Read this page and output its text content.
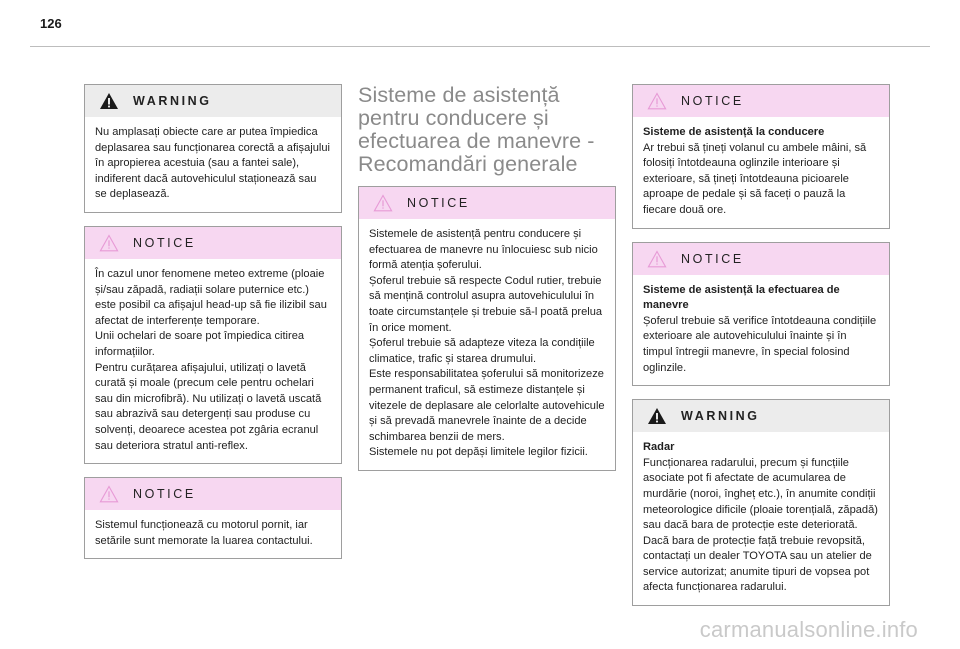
126
WARNING

Nu amplasați obiecte care ar putea împiedica deplasarea sau funcționarea corectă a afișajului în apropierea acestuia (sau a fantei sale), indiferent dacă autovehiculul staționează sau se deplasează.

NOTICE

În cazul unor fenomene meteo extreme (ploaie și/sau zăpadă, radiații solare puternice etc.) este posibil ca afișajul head-up să fie ilizibil sau afectat de interferențe temporare.

Unii ochelari de soare pot împiedica citirea informațiilor.

Pentru curățarea afișajului, utilizați o lavetă curată și moale (precum cele pentru ochelari sau din microfibră). Nu utilizați o lavetă uscată sau abrazivă sau detergenți sau produse cu solvenți, deoarece acestea pot zgâria ecranul sau deteriora stratul anti-reflex.

NOTICE

Sistemul funcționează cu motorul pornit, iar setările sunt memorate la luarea contactului.

Sisteme de asistență pentru conducere și efectuarea de manevre - Recomandări generale
NOTICE

Sistemele de asistență pentru conducere și efectuarea de manevre nu înlocuiesc sub nicio formă atenția șoferului.

Șoferul trebuie să respecte Codul rutier, trebuie să mențină controlul asupra autovehiculului în toate circumstanțele și trebuie să-l poată prelua în orice moment.

Șoferul trebuie să adapteze viteza la condițiile climatice, trafic și starea drumului.

Este responsabilitatea șoferului să monitorizeze permanent traficul, să estimeze distanțele și vitezele de deplasare ale celorlalte autovehicule și să prevadă manevrele înainte de a decide schimbarea benzii de mers.

Sistemele nu pot depăși limitele legilor fizicii.

NOTICE

Sisteme de asistență la conducere

Ar trebui să țineți volanul cu ambele mâini, să folosiți întotdeauna oglinzile interioare și exterioare, să țineți întotdeauna picioarele aproape de pedale și să faceți o pauză la fiecare două ore.

NOTICE

Sisteme de asistență la efectuarea de manevre

Șoferul trebuie să verifice întotdeauna condițiile exterioare ale autovehiculului înainte și în timpul întregii manevre, în special folosind oglinzile.

WARNING

Radar

Funcționarea radarului, precum și funcțiile asociate pot fi afectate de acumularea de murdărie (noroi, îngheț etc.), în anumite condiții meteorologice dificile (ploaie torențială, zăpadă) sau dacă bara de protecție este deteriorată.

Dacă bara de protecție față trebuie revopsită, contactați un dealer TOYOTA sau un atelier de service autorizat; anumite tipuri de vopsea pot afecta funcționarea radarului.

carmanualsonline.info
